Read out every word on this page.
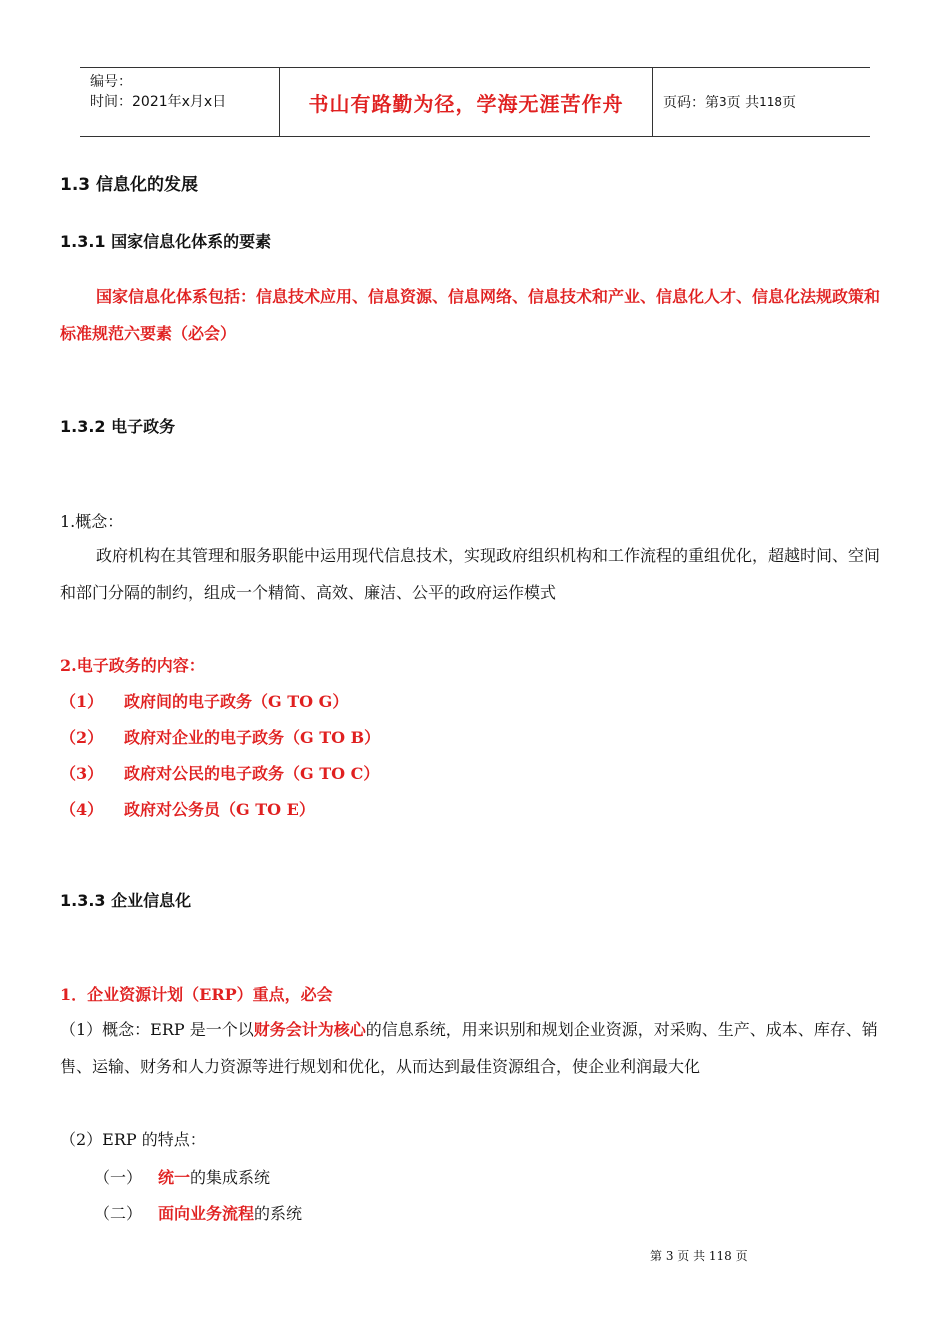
编号：
时间：2021年x月x日	书山有路勤为径，学海无涯苦作舟	页码：第 3 页 共 118 页
1.3 信息化的发展
1.3.1 国家信息化体系的要素
国家信息化体系包括：信息技术应用、信息资源、信息网络、信息技术和产业、信息化人才、信息化法规政策和标准规范六要素（必会）
1.3.2 电子政务
1.概念：
政府机构在其管理和服务职能中运用现代信息技术，实现政府组织机构和工作流程的重组优化，超越时间、空间和部门分隔的制约，组成一个精简、高效、廉洁、公平的政府运作模式
2.电子政务的内容：
（1） 政府间的电子政务（G TO G）
（2） 政府对企业的电子政务（G TO B）
（3） 政府对公民的电子政务（G TO C）
（4） 政府对公务员（G TO E）
1.3.3 企业信息化
1．企业资源计划（ERP）重点，必会
（1）概念：ERP 是一个以财务会计为核心的信息系统，用来识别和规划企业资源，对采购、生产、成本、库存、销售、运输、财务和人力资源等进行规划和优化，从而达到最佳资源组合，使企业利润最大化
（2）ERP 的特点：
（一） 统一的集成系统
（二） 面向业务流程的系统
第 3 页 共 118 页
